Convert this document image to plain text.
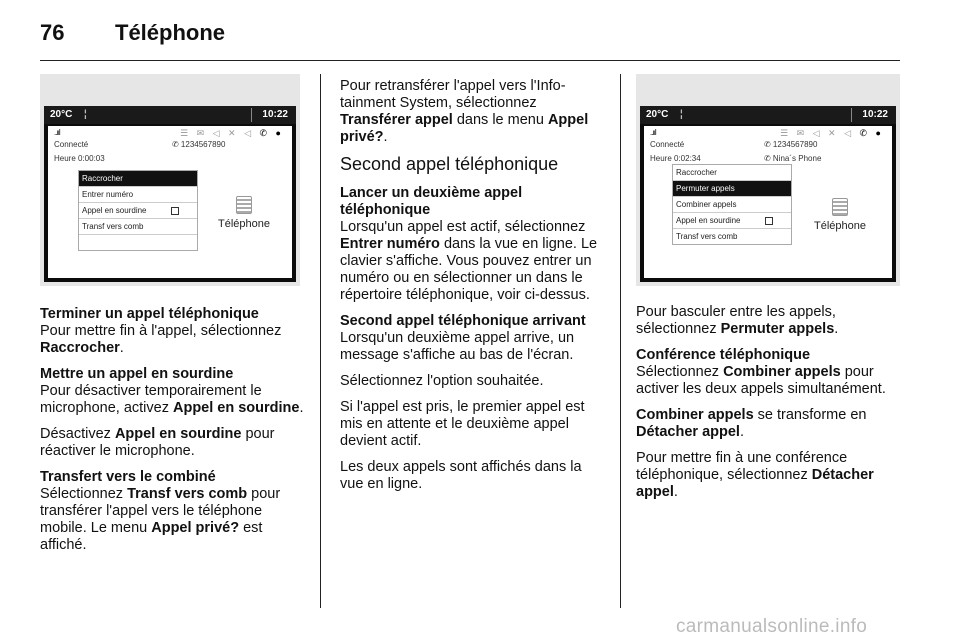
76 Téléphone
20°C ¦	10:22
..ııl	☰ ✉ ◁ ✕ ◁ ✆ ●
Connecté
Heure 0:00:03
✆ 1234567890
Raccrocher
Entrer numéro
Appel en sourdine
Transf vers comb	Téléphone
Terminer un appel téléphonique

Pour mettre fin à l'appel, sélectionnez Raccrocher.

Mettre un appel en sourdine

Pour désactiver temporairement le microphone, activez Appel en sourdine.

Désactivez Appel en sourdine pour réactiver le microphone.

Transfert vers le combiné

Sélectionnez Transf vers comb pour transférer l'appel vers le téléphone mobile. Le menu Appel privé? est affiché.

Pour retransférer l'appel vers l'Info-tainment System, sélectionnez Transférer appel dans le menu Appel privé?.

Second appel téléphonique
Lancer un deuxième appel téléphonique

Lorsqu'un appel est actif, sélectionnez Entrer numéro dans la vue en ligne. Le clavier s'affiche. Vous pouvez entrer un numéro ou en sélectionner un dans le répertoire téléphonique, voir ci-dessus.

Second appel téléphonique arrivant

Lorsqu'un deuxième appel arrive, un message s'affiche au bas de l'écran.

Sélectionnez l'option souhaitée.

Si l'appel est pris, le premier appel est mis en attente et le deuxième appel devient actif.

Les deux appels sont affichés dans la vue en ligne.

20°C ¦	10:22
..ııl	☰ ✉ ◁ ✕ ◁ ✆ ●
Connecté
Heure 0:02:34
✆ 1234567890
✆ Nina´s Phone
Raccrocher
Permuter appels
Combiner appels
Appel en sourdine
Transf vers comb
Téléphone

Pour basculer entre les appels, sélectionnez Permuter appels.

Conférence téléphonique

Sélectionnez Combiner appels pour activer les deux appels simultanément.

Combiner appels se transforme en Détacher appel.

Pour mettre fin à une conférence téléphonique, sélectionnez Détacher appel.

carmanualsonline.info
